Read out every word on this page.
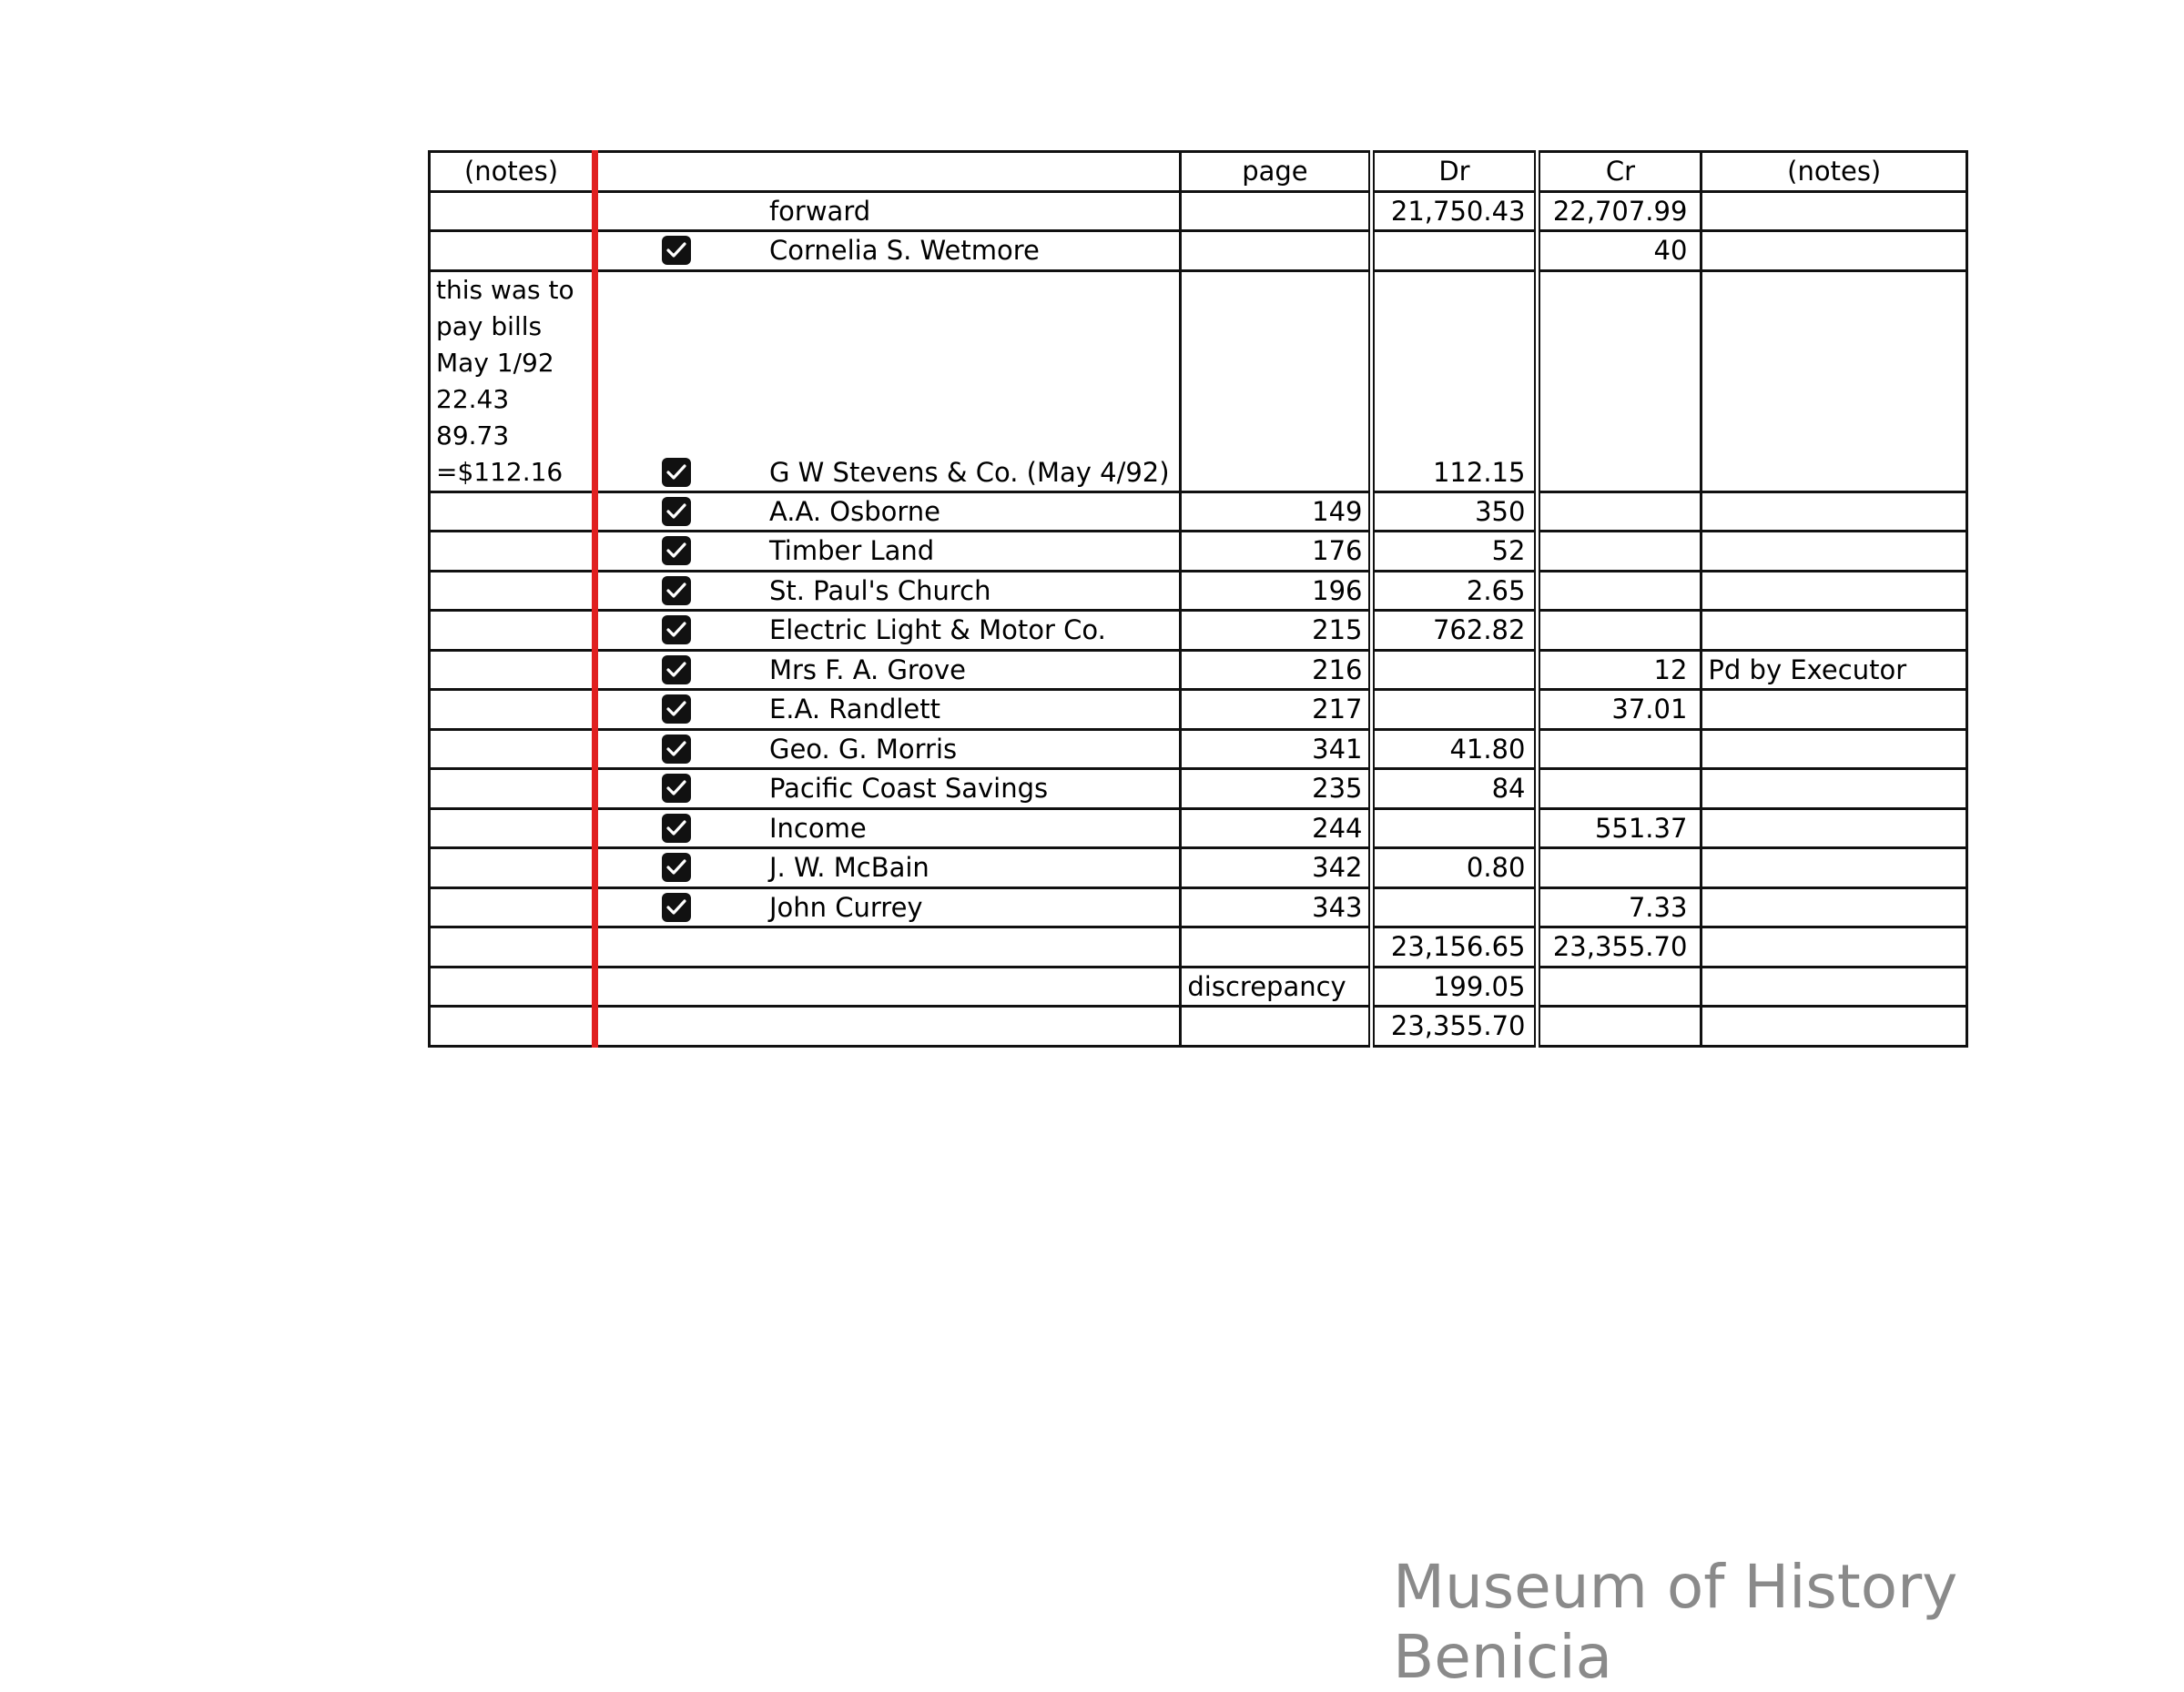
(notes)		page	Dr	Cr	(notes)

	forward		21,750.43	22,707.99	

	Cornelia S. Wetmore			40	
this was to pay bills May 1/92 22.43 89.73 =$112.16	G W Stevens & Co. (May 4/92)		112.15		

	A.A. Osborne	149	350		

	Timber Land	176	52		

	St. Paul's Church	196	2.65		

	Electric Light & Motor Co.	215	762.82		

	Mrs F. A. Grove	216		12	Pd by Executor

	E.A. Randlett	217		37.01	

	Geo. G. Morris	341	41.80		

	Pacific Coast Savings	235	84		

	Income	244		551.37	

	J. W. McBain	342	0.80		

	John Currey	343		7.33	
			23,156.65	23,355.70	
		discrepancy	199.05		
			23,355.70		
Museum of History Benicia
